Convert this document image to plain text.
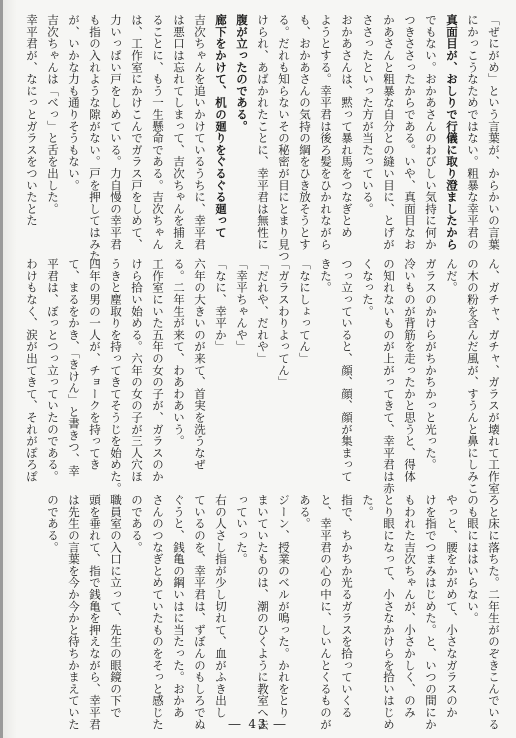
「ぜにがめ」という言葉が、からかいの言葉
にかっこうなためではない。粗暴な幸平君の
真面目が、おしりで行儀に取り澄ましたから
でもない。おかあさんのわびしい気持に何か
つきささったからである。いや、真面目なお
かあさんと粗暴な自分との縫い目に、とげが
ささったといった方が当たっている。
おかあさんは、黙って暴れ馬をつなぎとめ
ようとする。幸平君は後ろ髪をひかれながら
も、おかあさんの気持の綱をひき放そうとす
る。だれも知らないその秘密が目にとまり見つ
けられ、あばかれたことに、幸平君は無性に
腹が立ったのである。
廊下をかけて、机の廻りをぐるぐる廻って
吉次ちゃんを追いかけているうちに、幸平君
は悪口は忘れてしまって、吉次ちゃんを捕え
ることに、もう一生懸命である。吉次ちゃん
は、工作室にかけこんでガラス戸をしめて、
力いっぱい戸をしめている。力自慢の幸平君
も指の入れような隙がない。戸を押してはみた
が、いかな力も通りそうもない。
吉次ちゃんは「べっ」と舌を出した。
幸平君が、なにっとガラスをついたとた
ん、ガチャ、ガチャ、ガラスが壊れて工作室
の木の粉を含んだ風が、すうんと鼻にしみこ
んだ。
ガラスのかけらがちかちかっと光った。
冷いものが背筋を走ったかと思うと、得体
の知れないものが上がってきて、幸平君は赤
くなった。
つっ立っていると、顔、顔、顔が集まって
きた。
「なにしょってん」
「ガラスわりよってん」
「だれや、だれや」
「幸平ちゃんや」
「なに、幸平か」
六年の大きいのが来て、首実を洗うなぜ
る。二年生が来て、わあわあいう。
工作室にいた五年の女の子が、ガラスのか
けら拾い始める。六年の女の子が三人穴ほ
うきと塵取りを持ってきてそうじを始めた。
四年の男の一人が、チョークを持ってき
て、まるをかき、「きけん」と書きつ、幸
平君は、ぼっとつっ立っていたのである。
わけもなく、涙が出てきて、それがぽろぽ
ろと床に落ちた。二年生がのぞきこんでいる
のも眼にははいらない。
やっと、腰をかがめて、小さなガラスのか
けを指でつまみはじめた。と、いつの間にか
もわれた吉次ちゃんが、小さかしく、のみ
とり眼になって、小さなかけらを拾いはじめ
た。
指で、ちかちか光るガラスを拾っていくる
と、幸平君の心の中に、しいんとくるものが
ある。
ジーン、授業のベルが鳴った。かれをとり
まいていたものは、潮のひくように教室へ去
っていった。
右の人さし指が少し切れて、血がふき出し
ているのを、幸平君は、ずぼんのもしろでぬ
ぐうと、銭亀の鋼いはに当たった。おかあ
さんのつなぎとめていたものをそっと感じた
のである。
職員室の入口に立って、先生の眼鏡の下で
頭を垂れて、指で銭亀を押えながら、幸平君
は先生の言葉を今か今かと待ちかまえていた
のである。
― 43 ―
